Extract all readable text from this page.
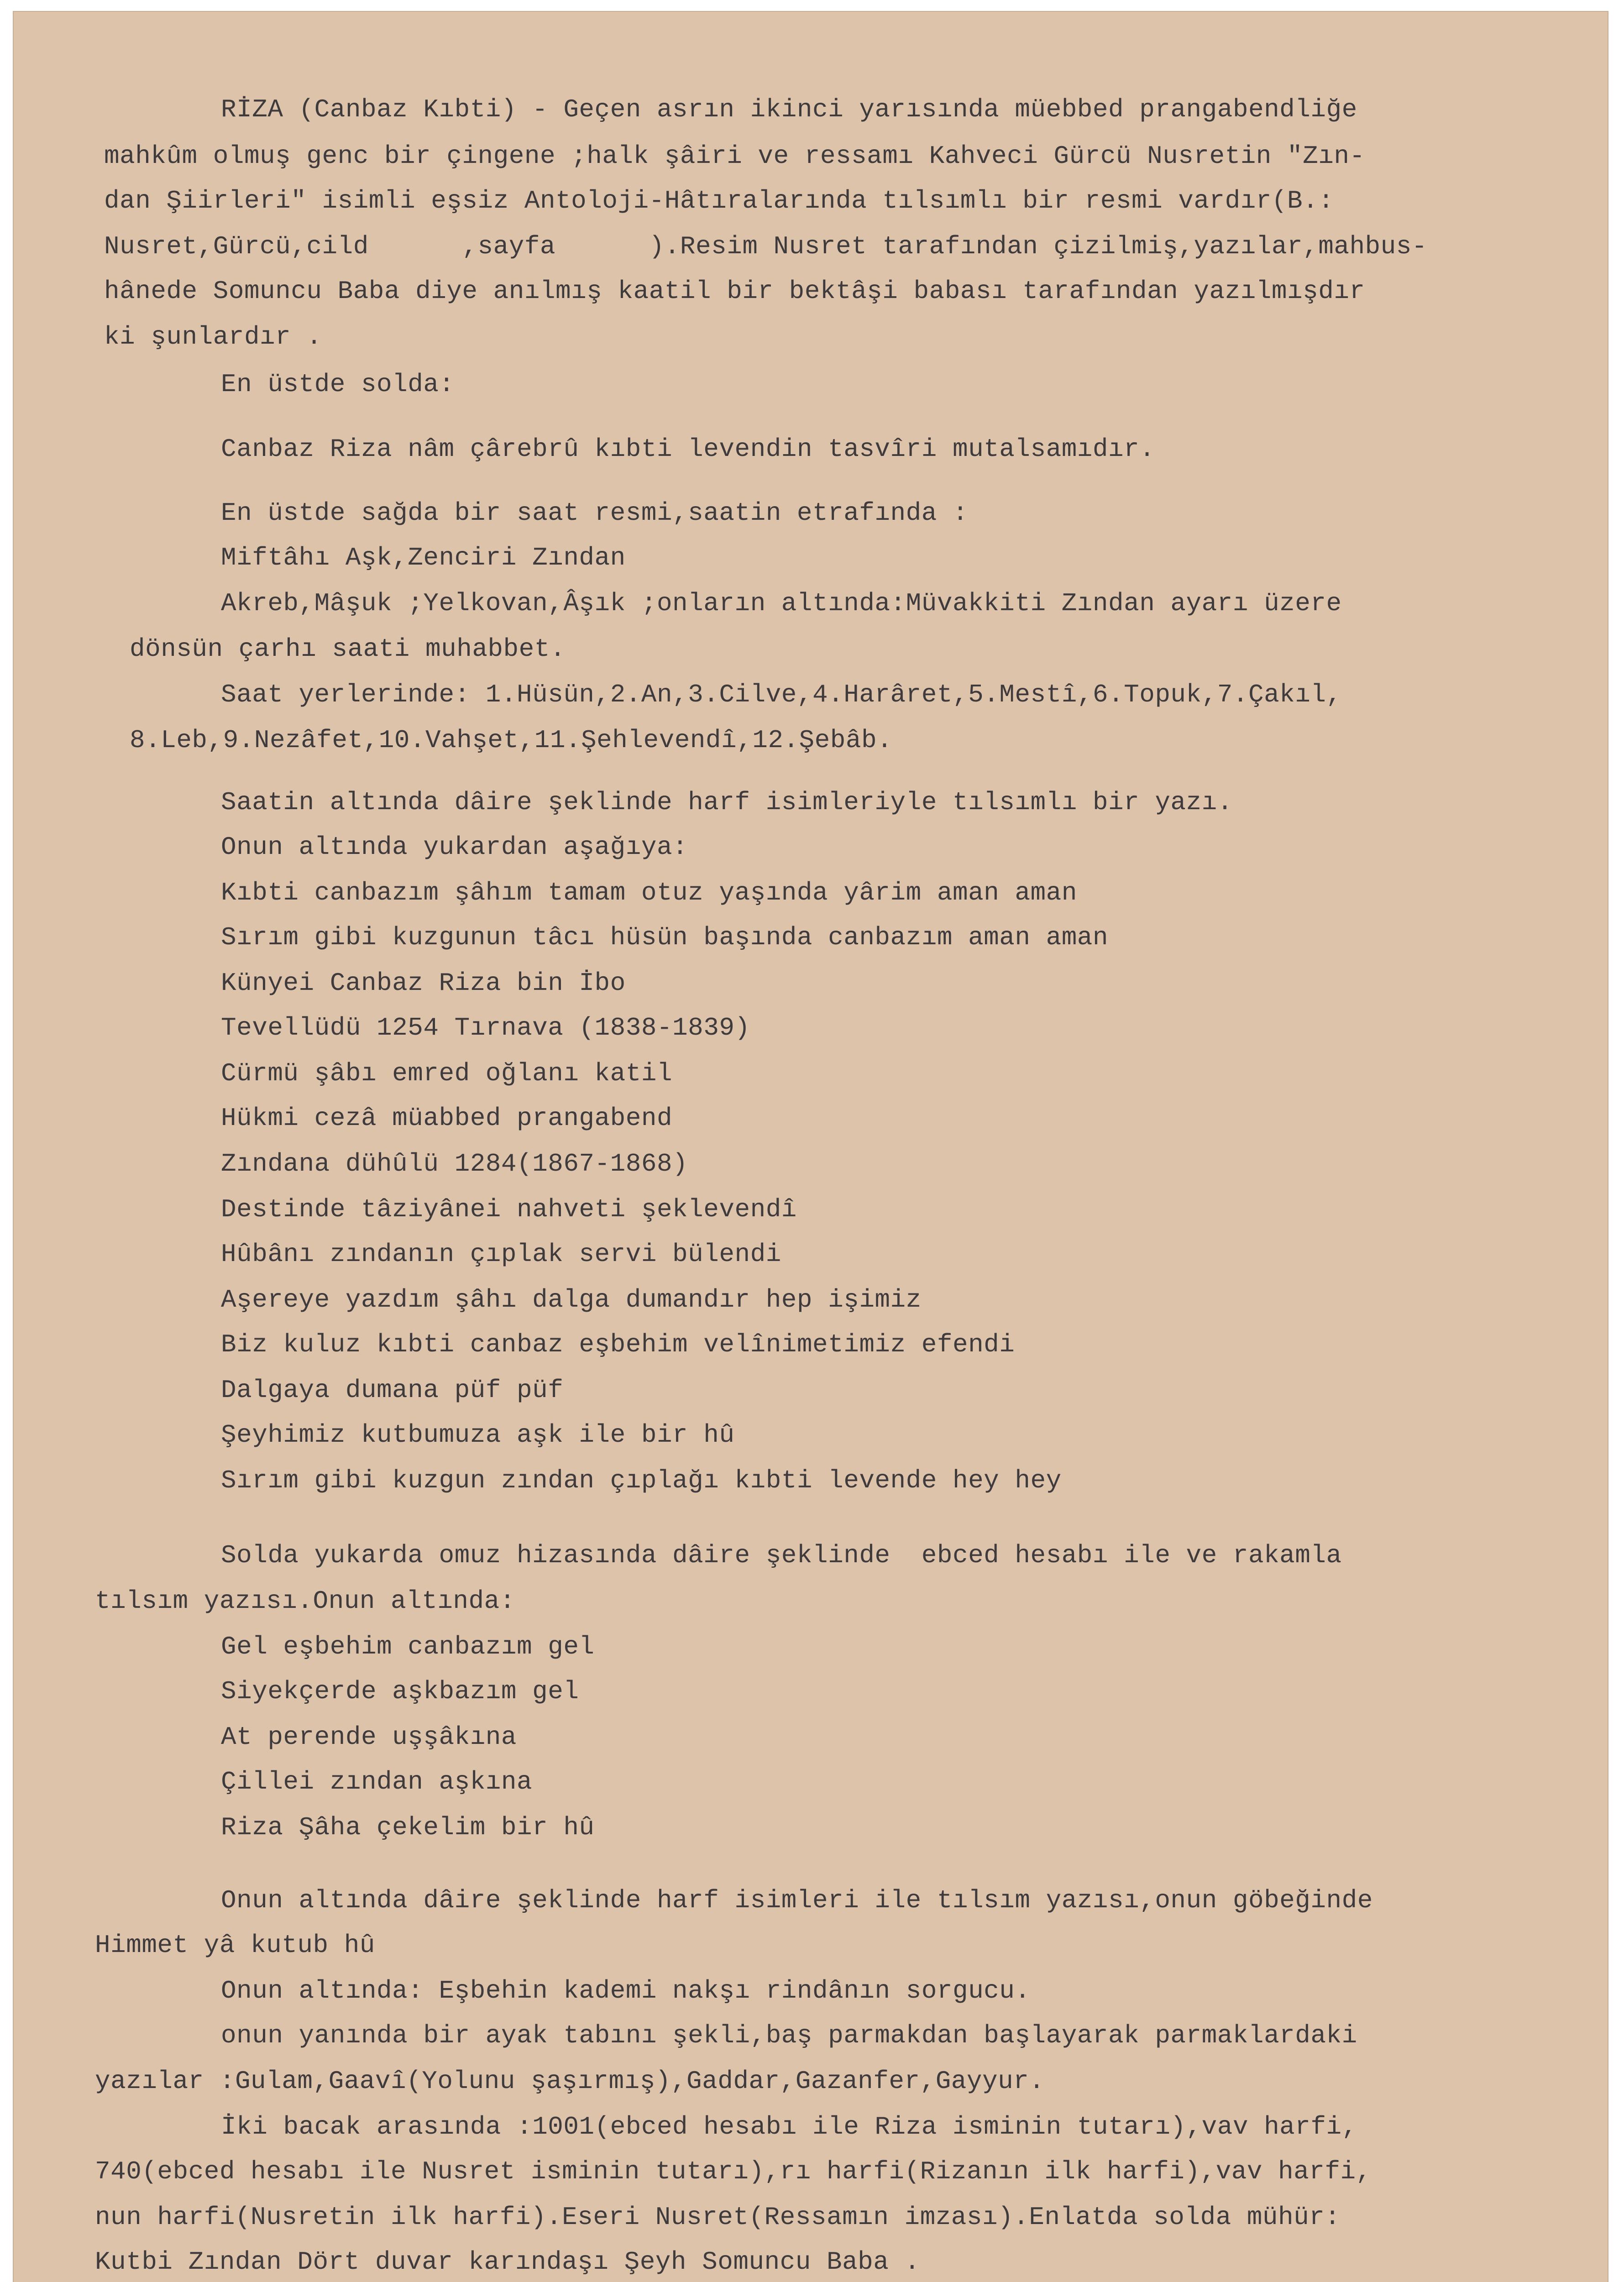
RİZA (Canbaz Kıbti) - Geçen asrın ikinci yarısında müebbed prangabendliğe
mahkûm olmuş genc bir çingene ;halk şâiri ve ressamı Kahveci Gürcü Nusretin "Zın-
dan Şiirleri" isimli eşsiz Antoloji-Hâtıralarında tılsımlı bir resmi vardır(B.:
Nusret,Gürcü,cild      ,sayfa      ).Resim Nusret tarafından çizilmiş,yazılar,mahbus-
hânede Somuncu Baba diye anılmış kaatil bir bektâşi babası tarafından yazılmışdır
ki şunlardır .
En üstde solda:
Canbaz Riza nâm çârebrû kıbti levendin tasvîri mutalsamıdır.
En üstde sağda bir saat resmi,saatin etrafında :
Miftâhı Aşk,Zenciri Zından
Akreb,Mâşuk ;Yelkovan,Âşık ;onların altında:Müvakkiti Zından ayarı üzere
dönsün çarhı saati muhabbet.
Saat yerlerinde: 1.Hüsün,2.An,3.Cilve,4.Harâret,5.Mestî,6.Topuk,7.Çakıl,
8.Leb,9.Nezâfet,10.Vahşet,11.Şehlevendî,12.Şebâb.
Saatin altında dâire şeklinde harf isimleriyle tılsımlı bir yazı.
Onun altında yukardan aşağıya:
Kıbti canbazım şâhım tamam otuz yaşında yârim aman aman
Sırım gibi kuzgunun tâcı hüsün başında canbazım aman aman
Künyei Canbaz Riza bin İbo
Tevellüdü 1254 Tırnava (1838-1839)
Cürmü şâbı emred oğlanı katil
Hükmi cezâ müabbed prangabend
Zındana dühûlü 1284(1867-1868)
Destinde tâziyânei nahveti şeklevendî
Hûbânı zındanın çıplak servi bülendi
Aşereye yazdım şâhı dalga dumandır hep işimiz
Biz kuluz kıbti canbaz eşbehim velînimetimiz efendi
Dalgaya dumana püf püf
Şeyhimiz kutbumuza aşk ile bir hû
Sırım gibi kuzgun zından çıplağı kıbti levende hey hey
Solda yukarda omuz hizasında dâire şeklinde  ebced hesabı ile ve rakamla
tılsım yazısı.Onun altında:
Gel eşbehim canbazım gel
Siyekçerde aşkbazım gel
At perende uşşâkına
Çillei zından aşkına
Riza Şâha çekelim bir hû
Onun altında dâire şeklinde harf isimleri ile tılsım yazısı,onun göbeğinde
Himmet yâ kutub hû
Onun altında: Eşbehin kademi nakşı rindânın sorgucu.
onun yanında bir ayak tabını şekli,baş parmakdan başlayarak parmaklardaki
yazılar :Gulam,Gaavî(Yolunu şaşırmış),Gaddar,Gazanfer,Gayyur.
İki bacak arasında :1001(ebced hesabı ile Riza isminin tutarı),vav harfi,
740(ebced hesabı ile Nusret isminin tutarı),rı harfi(Rizanın ilk harfi),vav harfi,
nun harfi(Nusretin ilk harfi).Eseri Nusret(Ressamın imzası).Enlatda solda mühür:
Kutbi Zından Dört duvar karındaşı Şeyh Somuncu Baba .
